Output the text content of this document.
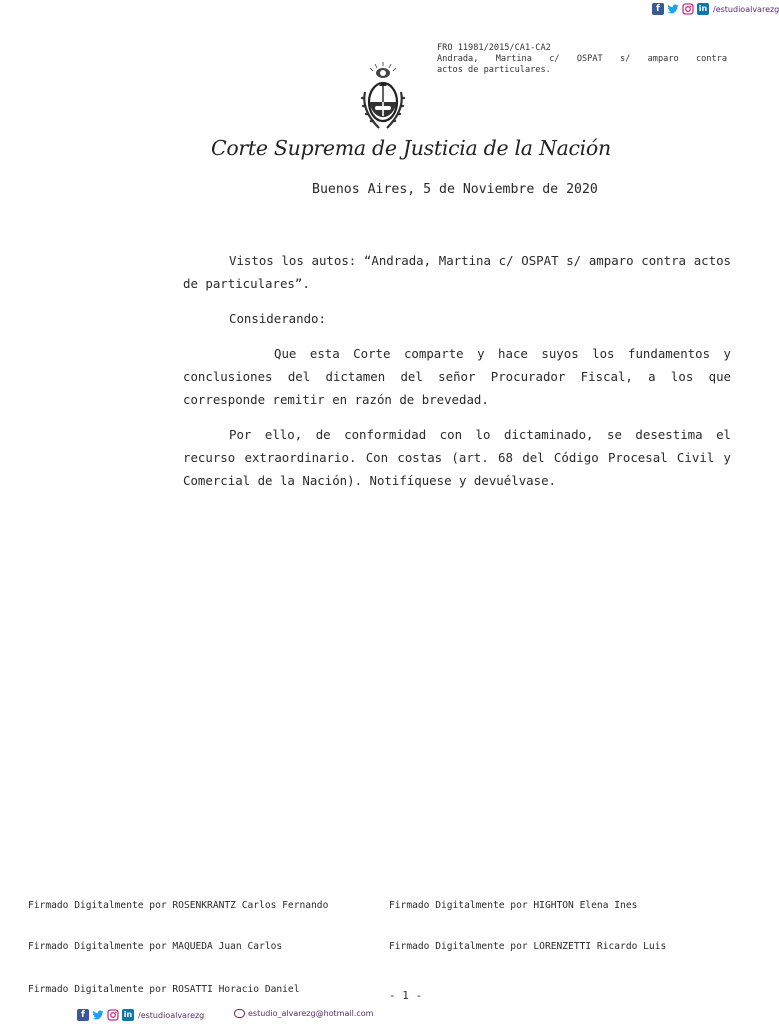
f	in /estudioalvarezg
FRO 11981/2015/CA1-CA2
Andrada, Martina c/ OSPAT s/ amparo contra
actos de particulares.
Corte Suprema de Justicia de la Nación
Buenos Aires, 5 de Noviembre de 2020
Vistos los autos: “Andrada, Martina c/ OSPAT s/ amparo contra actos de particulares”.
Considerando:
Que esta Corte comparte y hace suyos los fundamentos y conclusiones del dictamen del señor Procurador Fiscal, a los que corresponde remitir en razón de brevedad.
Por ello, de conformidad con lo dictaminado, se desestima el recurso extraordinario. Con costas (art. 68 del Código Procesal Civil y Comercial de la Nación). Notifíquese y devuélvase.
Firmado Digitalmente por ROSENKRANTZ Carlos Fernando	Firmado Digitalmente por HIGHTON Elena Ines
Firmado Digitalmente por MAQUEDA Juan Carlos	Firmado Digitalmente por LORENZETTI Ricardo Luis
Firmado Digitalmente por ROSATTI Horacio Daniel	- 1 -
f	in /estudioalvarezg	estudio_alvarezg@hotmail.com
